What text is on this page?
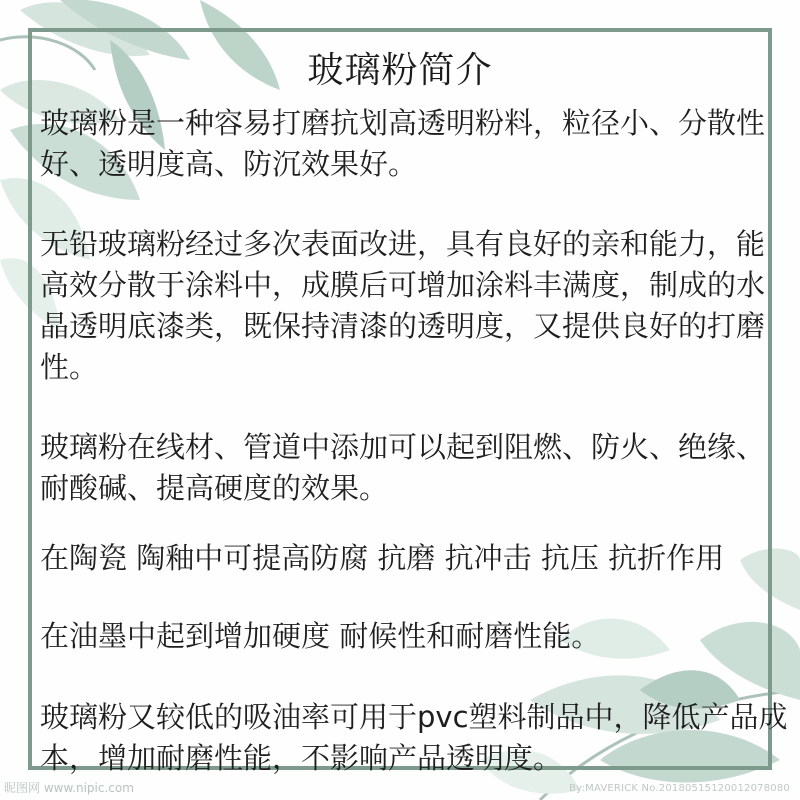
玻璃粉简介

玻璃粉是一种容易打磨抗划高透明粉料，粒径小、分散性好、透明度高、防沉效果好。

无铅玻璃粉经过多次表面改进，具有良好的亲和能力，能高效分散于涂料中，成膜后可增加涂料丰满度，制成的水晶透明底漆类，既保持清漆的透明度，又提供良好的打磨性。

玻璃粉在线材、管道中添加可以起到阻燃、防火、绝缘、耐酸碱、提高硬度的效果。

在陶瓷 陶釉中可提高防腐 抗磨 抗冲击 抗压 抗折作用

在油墨中起到增加硬度 耐候性和耐磨性能。

玻璃粉又较低的吸油率可用于pvc塑料制品中，降低产品成本，增加耐磨性能，不影响产品透明度。

昵图网 www.nipic.com	By:MAVERICK No.20180515120012078080
